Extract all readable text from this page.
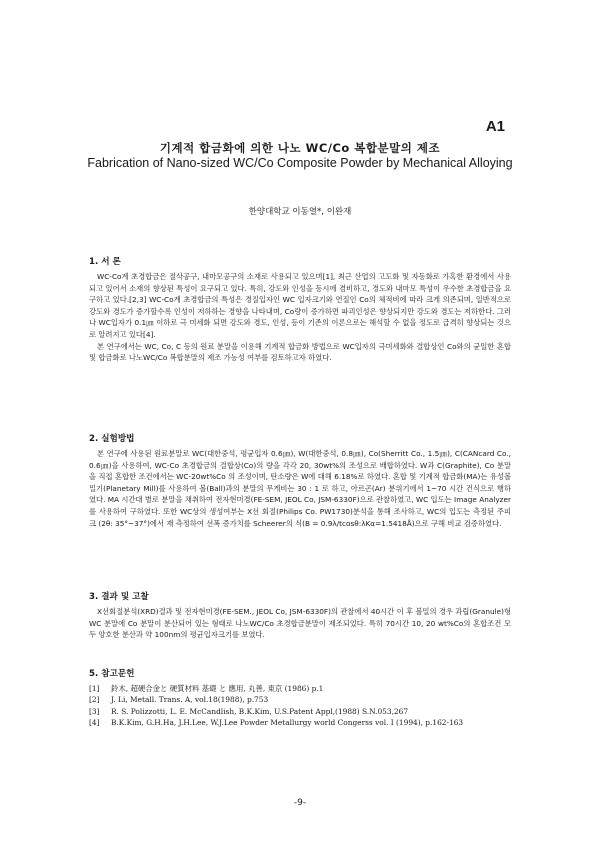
A1
기계적 합금화에 의한 나노 WC/Co 복합분말의 제조
Fabrication of Nano-sized WC/Co Composite Powder by Mechanical Alloying
한양대학교 이동열*, 이완재
1. 서 론

WC-Co계 초경합금은 절삭공구, 내마모공구의 소재로 사용되고 있으며[1], 최근 산업의 고도화 및 자동화로 가혹한 환경에서 사용되고 있어서 소재의 향상된 특성이 요구되고 있다. 특히, 강도와 인성을 동시에 겸비하고, 경도와 내마모 특성이 우수한 초경합금을 요구하고 있다.[2,3] WC-Co계 초경합금의 특성은 경질입자인 WC 입자크기와 연질인 Co의 체적비에 따라 크게 의존되며, 일반적으로 강도와 경도가 증가할수록 인성이 저하하는 경향을 나타내며, Co량이 증가하면 파괴인성은 향상되지만 강도와 경도는 저하한다. 그러나 WC입자가 0.1㎛ 이하로 극 미세화 되면 강도와 경도, 인성, 등이 기존의 이론으로는 해석할 수 없을 정도로 급격히 향상되는 것으로 알려지고 있다[4].

본 연구에서는 WC, Co, C 등의 원료 분말을 이용해 기계적 합금화 방법으로 WC입자의 극미세화와 결합상인 Co와의 균일한 혼합 및 합금화로 나노WC/Co 복합분말의 제조 가능성 여부를 검토하고자 하였다.

2. 실험방법

본 연구에 사용된 원료분말로 WC(대한중석, 평균입자 0.6㎛), W(대한중석, 0.8㎛), Co(Sherritt Co., 1.5㎛), C(CANcard Co., 0.6㎛)을 사용하여, WC-Co 초경합금의 결합상(Co)의 량을 각각 20, 30wt%의 조성으로 배합하였다. W과 C(Graphite), Co 분말을 직접 혼합한 조건에서는 WC-20wt%Co 의 조성이며, 탄소량은 W에 대해 6.18%로 하였다. 혼합 및 기계적 합금화(MA)는 유성볼밀기(Planetary Mill)를 사용하여 볼(Ball)과의 분말의 무게비는 30 : 1 로 하고, 아르곤(Ar) 분위기에서 1~70 시간 건식으로 행하였다. MA 시간대 별로 분말을 채취하여 전자현미경(FE-SEM, JEOL Co, JSM-6330F)으로 관찰하였고, WC 입도는 Image Analyzer를 사용하여 구하였다. 또한 WC상의 생성여부는 X선 회절(Philips Co. PW1730)분석을 통해 조사하고, WC의 입도는 측정된 주피크 (2θ: 35°~37°)에서 재 측정하여 선폭 증가치를 Scheerer의 식(B = 0.9λ/tcosθ:λKα=1.5418Å)으로 구해 비교 검증하였다.

3. 결과 및 고찰

X선회절분석(XRD)결과 및 전자현미경(FE-SEM., JEOL Co, JSM-6330F)의 관찰에서 40시간 이 후 볼밀의 경우 과립(Granule)형 WC 분말에 Co 분말이 분산되어 있는 형태로 나노WC/Co 초경합금분말이 제조되었다. 특히 70시간 10, 20 wt%Co의 혼합조건 모두 양호한 분산과 약 100nm의 평균입자크기를 보였다.

5. 참고문헌
[1]	鈴木, 超硬合金と 硬質材料 基礎 と 應用, 丸善, 東京 (1986) p.1
[2]	J. Li, Metall. Trans. A, vol.18(1988), p.753
[3]	R. S. Polizzotti, L. E. McCandlish, B.K.Kim, U.S.Patent Appl,(1988) S.N.053,267
[4]	B.K.Kim, G.H.Ha, J.H.Lee, W.J.Lee Powder Metallurgy world Congerss vol. I (1994), p.162-163
-9-
